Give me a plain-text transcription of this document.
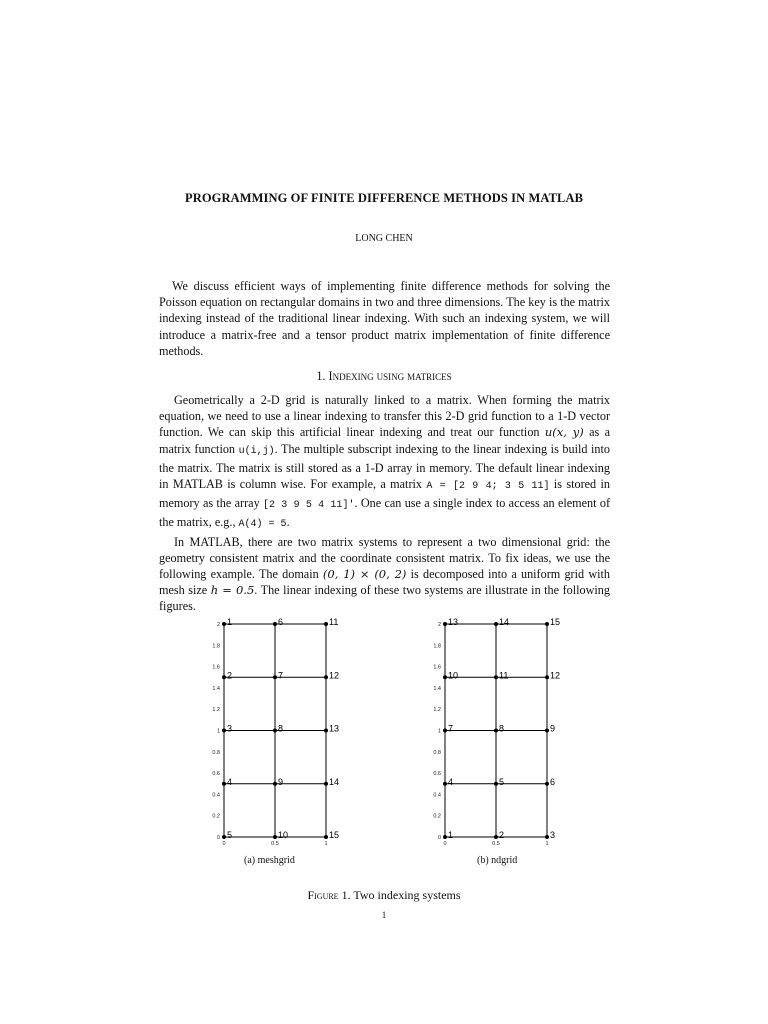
PROGRAMMING OF FINITE DIFFERENCE METHODS IN MATLAB
LONG CHEN

We discuss efficient ways of implementing finite difference methods for solving the Poisson equation on rectangular domains in two and three dimensions. The key is the matrix indexing instead of the traditional linear indexing. With such an indexing system, we will introduce a matrix-free and a tensor product matrix implementation of finite difference methods.

1. Indexing using matrices

Geometrically a 2-D grid is naturally linked to a matrix. When forming the matrix equation, we need to use a linear indexing to transfer this 2-D grid function to a 1-D vector function. We can skip this artificial linear indexing and treat our function u(x, y) as a matrix function u(i,j). The multiple subscript indexing to the linear indexing is build into the matrix. The matrix is still stored as a 1-D array in memory. The default linear indexing in MATLAB is column wise. For example, a matrix A = [2 9 4; 3 5 11] is stored in memory as the array [2 3 9 5 4 11]'. One can use a single index to access an element of the matrix, e.g., A(4) = 5.

In MATLAB, there are two matrix systems to represent a two dimensional grid: the geometry consistent matrix and the coordinate consistent matrix. To fix ideas, we use the following example. The domain (0, 1) × (0, 2) is decomposed into a uniform grid with mesh size h = 0.5. The linear indexing of these two systems are illustrate in the following figures.

0
0.2
0.4
0.6
0.8
1
1.2
1.4
1.6
1.8
2
0	0.5	1
1	6	11
2	7	12
3	8	13
4	9	14
5	10	15	0
0.2
0.4
0.6
0.8
1
1.2
1.4
1.6
1.8
2
0	0.5	1
13	14	15
10	11	12
7	8	9
4	5	6
1	2	3
(a) meshgrid	(b) ndgrid
Figure 1. Two indexing systems
1
